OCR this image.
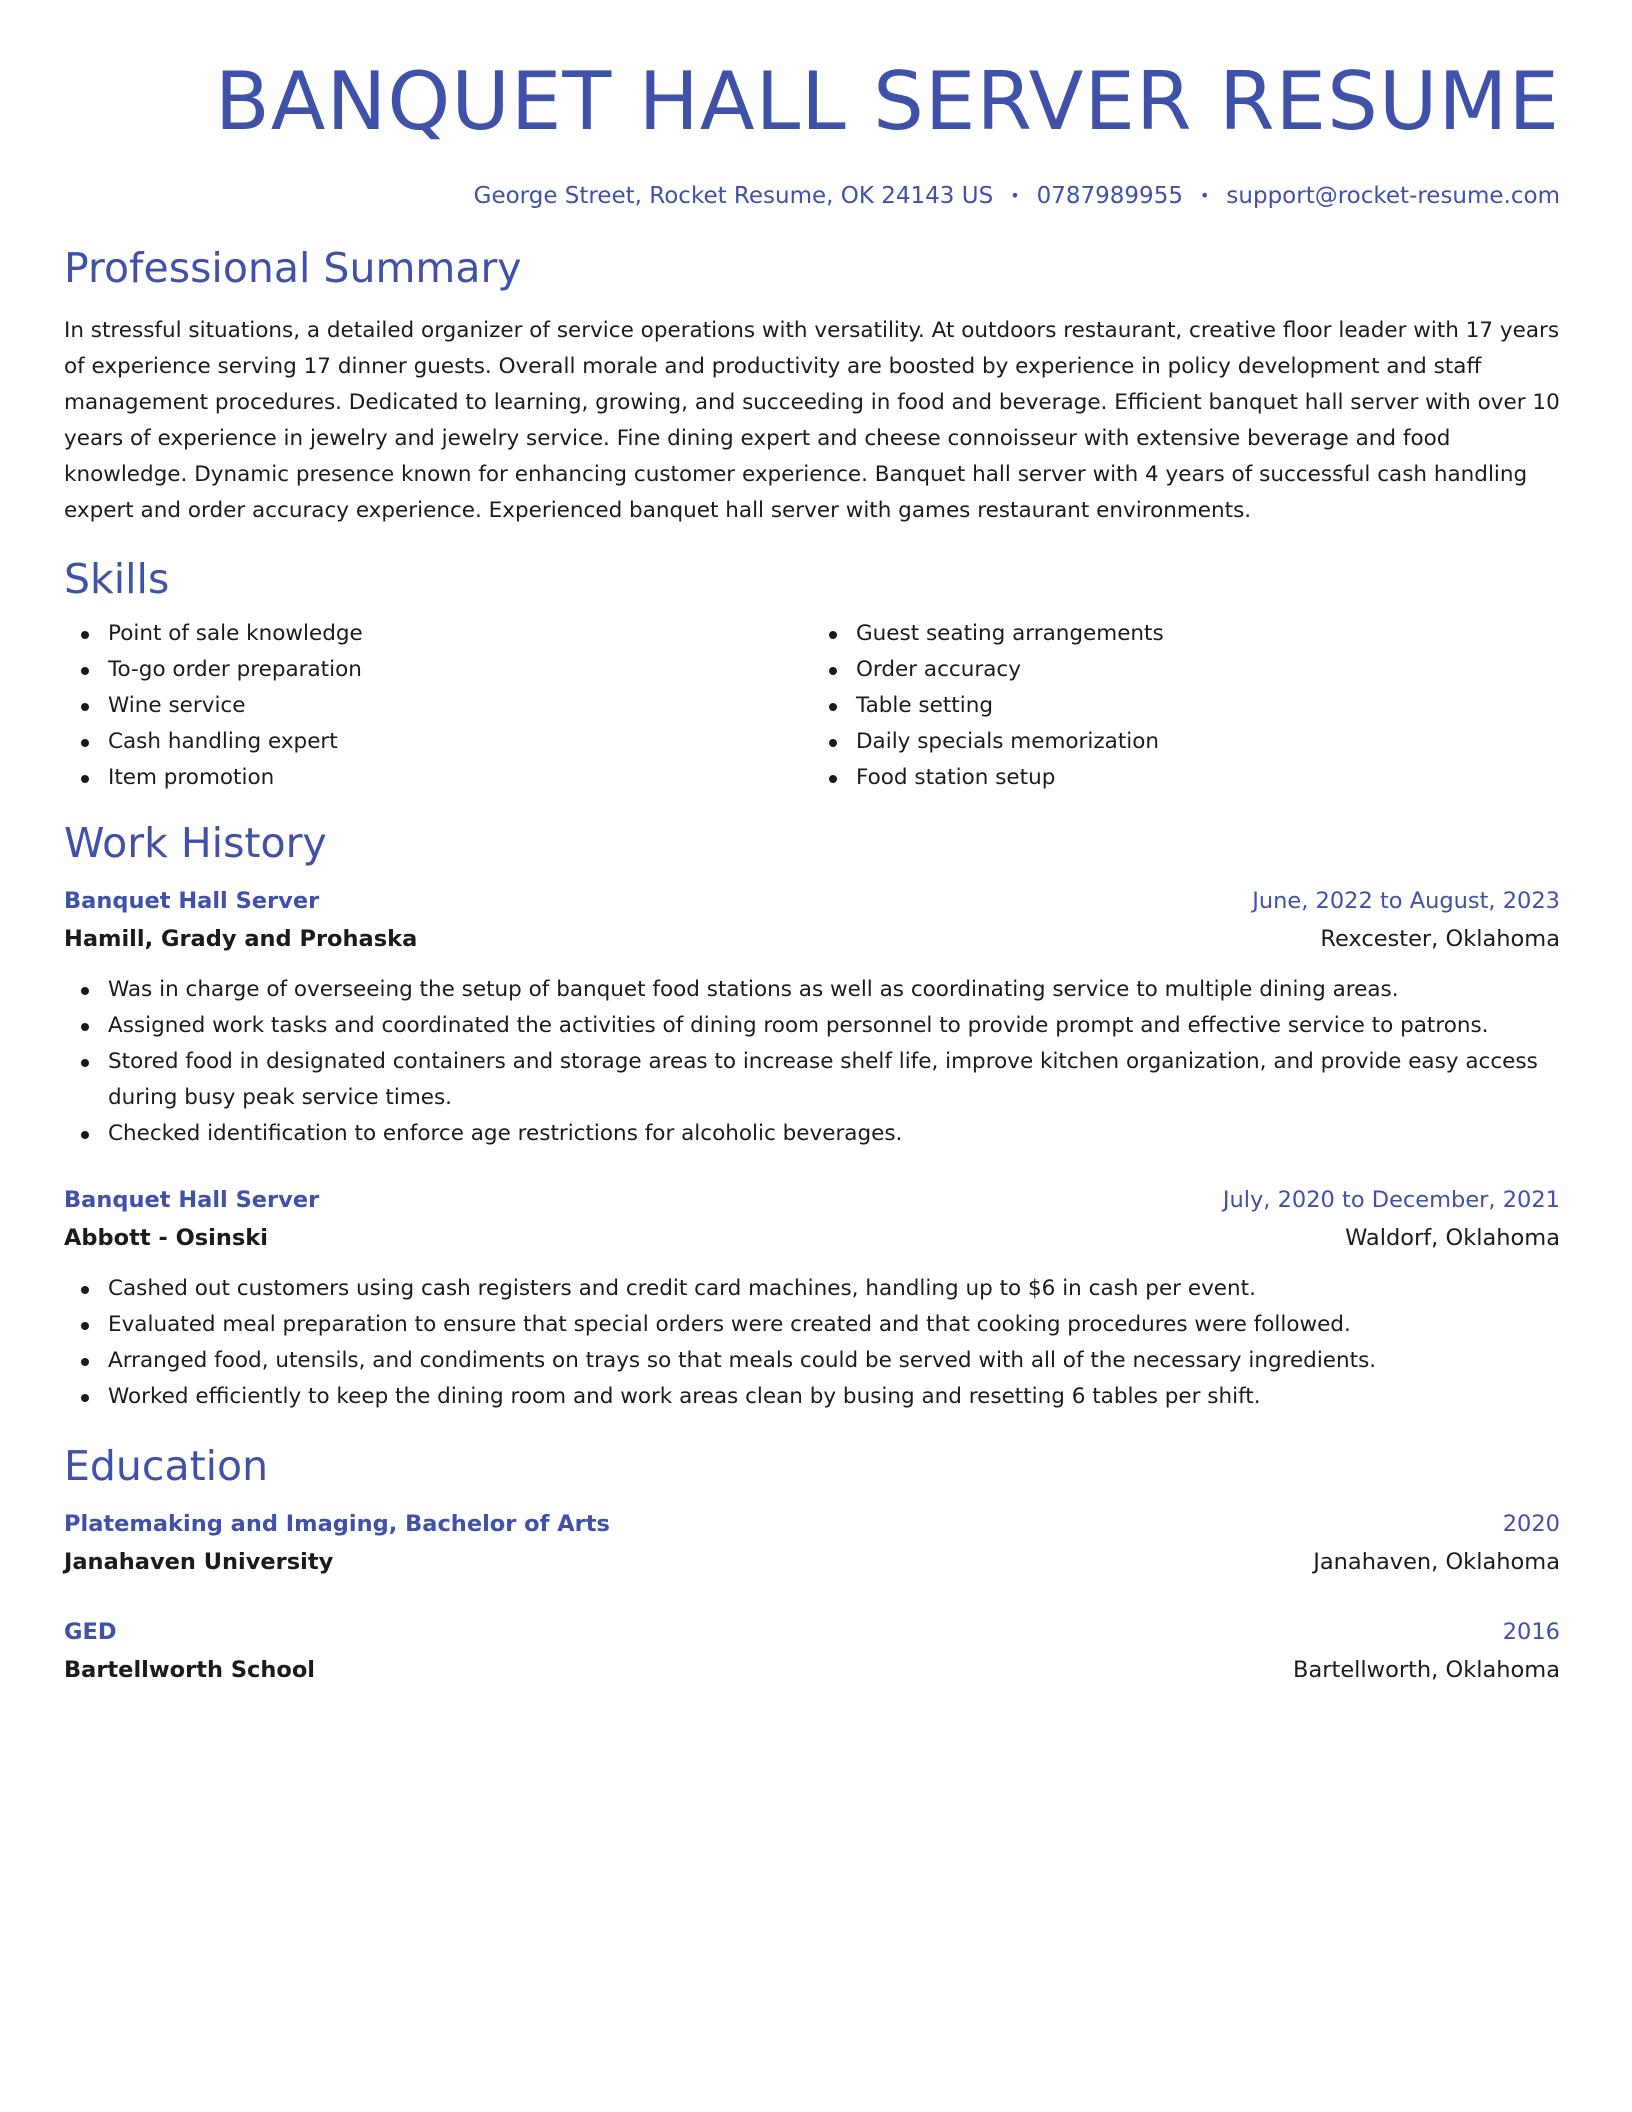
BANQUET HALL SERVER RESUME
George Street, Rocket Resume, OK 24143 US • 0787989955 • support@rocket-resume.com
Professional Summary

In stressful situations, a detailed organizer of service operations with versatility. At outdoors restaurant, creative floor leader with 17 years of experience serving 17 dinner guests. Overall morale and productivity are boosted by experience in policy development and staff management procedures. Dedicated to learning, growing, and succeeding in food and beverage. Efficient banquet hall server with over 10 years of experience in jewelry and jewelry service. Fine dining expert and cheese connoisseur with extensive beverage and food knowledge. Dynamic presence known for enhancing customer experience. Banquet hall server with 4 years of successful cash handling expert and order accuracy experience. Experienced banquet hall server with games restaurant environments.

Skills
Point of sale knowledge
To-go order preparation
Wine service
Cash handling expert
Item promotion
Guest seating arrangements
Order accuracy
Table setting
Daily specials memorization
Food station setup
Work History
Banquet Hall Server	June, 2022 to August, 2023
Hamill, Grady and Prohaska	Rexcester, Oklahoma
Was in charge of overseeing the setup of banquet food stations as well as coordinating service to multiple dining areas.
Assigned work tasks and coordinated the activities of dining room personnel to provide prompt and effective service to patrons.
Stored food in designated containers and storage areas to increase shelf life, improve kitchen organization, and provide easy access during busy peak service times.
Checked identification to enforce age restrictions for alcoholic beverages.
Banquet Hall Server	July, 2020 to December, 2021
Abbott - Osinski	Waldorf, Oklahoma
Cashed out customers using cash registers and credit card machines, handling up to $6 in cash per event.
Evaluated meal preparation to ensure that special orders were created and that cooking procedures were followed.
Arranged food, utensils, and condiments on trays so that meals could be served with all of the necessary ingredients.
Worked efficiently to keep the dining room and work areas clean by busing and resetting 6 tables per shift.
Education
Platemaking and Imaging, Bachelor of Arts	2020
Janahaven University	Janahaven, Oklahoma
GED	2016
Bartellworth School	Bartellworth, Oklahoma
